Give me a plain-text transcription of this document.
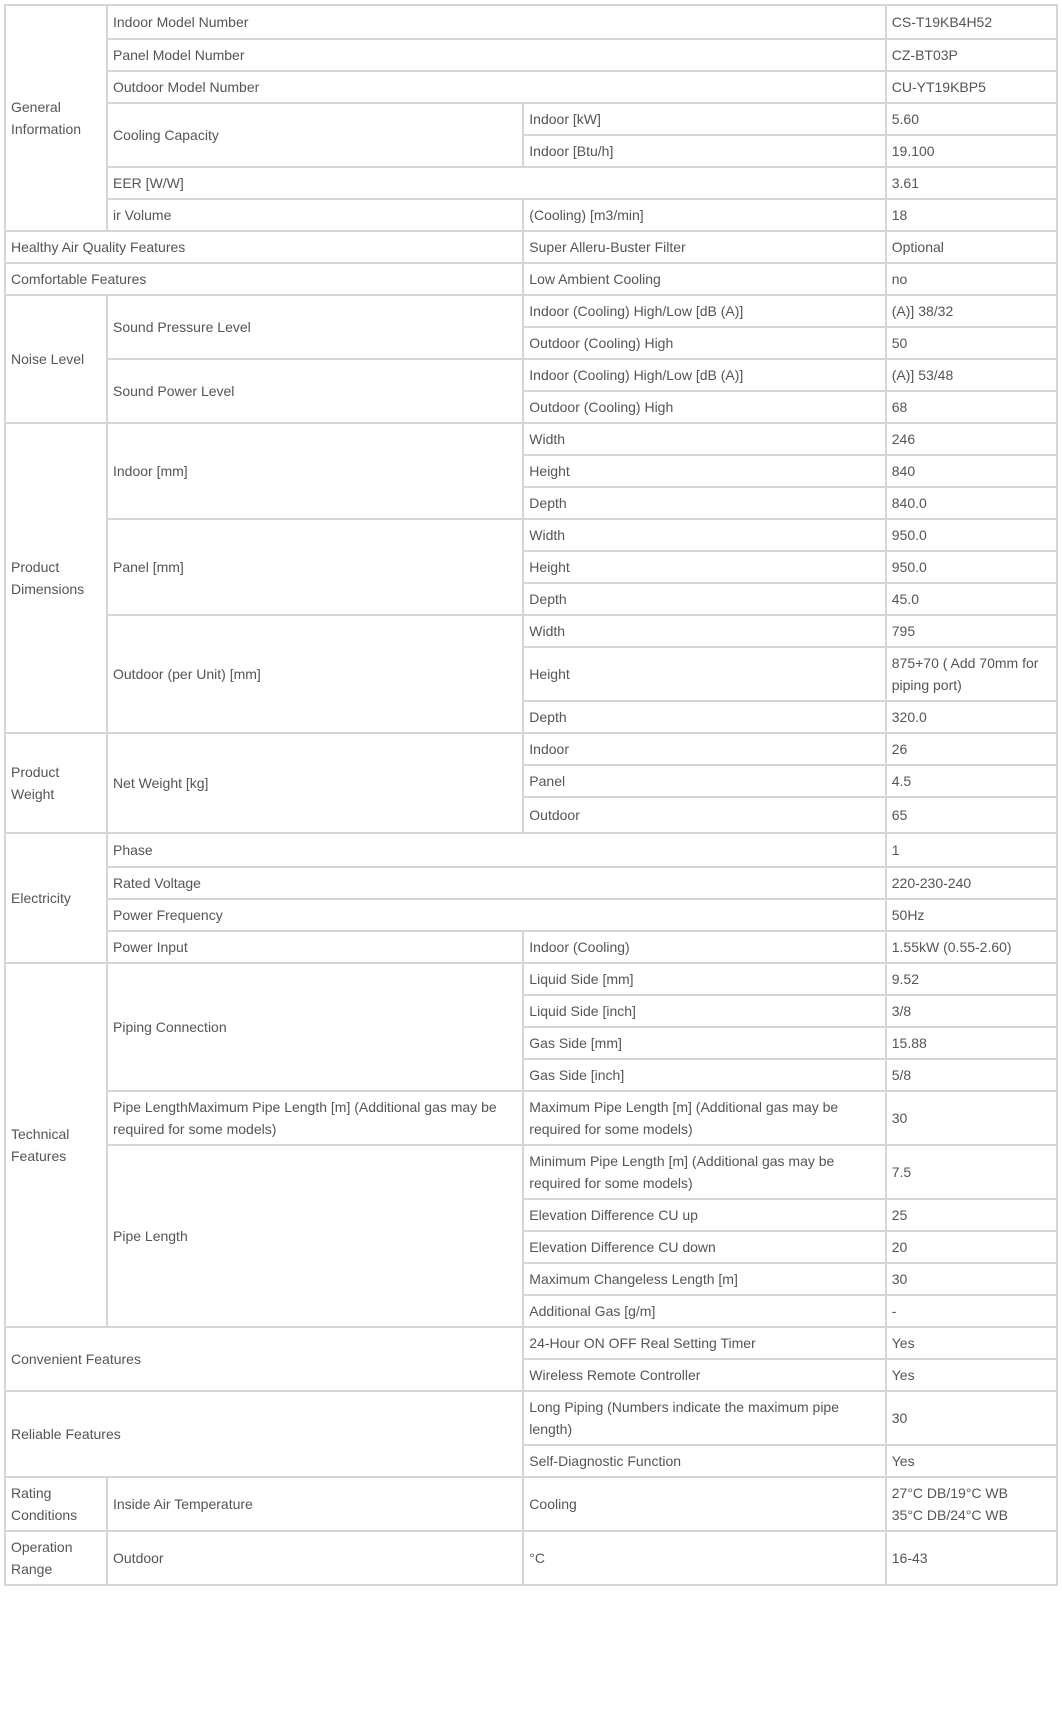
General Information	Indoor Model Number		CS-T19KB4H52
	Panel Model Number		CZ-BT03P
	Outdoor Model Number		CU-YT19KBP5
	Cooling Capacity	Indoor [kW]	5.60
		Indoor [Btu/h]	19.100
	EER [W/W]		3.61
	ir Volume	(Cooling) [m3/min]	18
Healthy Air Quality Features		Super Alleru-Buster Filter	Optional
Comfortable Features		Low Ambient Cooling	no
Noise Level	Sound Pressure Level	Indoor (Cooling) High/Low [dB (A)]	(A)] 38/32
		Outdoor (Cooling) High	50
	Sound Power Level	Indoor (Cooling) High/Low [dB (A)]	(A)] 53/48
		Outdoor (Cooling) High	68
Product Dimensions	Indoor [mm]	Width	246
		Height	840
		Depth	840.0
	Panel [mm]	Width	950.0
		Height	950.0
		Depth	45.0
	Outdoor (per Unit) [mm]	Width	795
		Height	875+70 ( Add 70mm for piping port)
		Depth	320.0
Product Weight	Net Weight [kg]	Indoor	26
		Panel	4.5
		Outdoor	65
Electricity	Phase		1
	Rated Voltage		220-230-240
	Power Frequency		50Hz
	Power Input	Indoor (Cooling)	1.55kW (0.55-2.60)
Technical Features	Piping Connection	Liquid Side [mm]	9.52
		Liquid Side [inch]	3/8
		Gas Side [mm]	15.88
		Gas Side [inch]	5/8
	Pipe LengthMaximum Pipe Length [m] (Additional gas may be required for some models)	Maximum Pipe Length [m] (Additional gas may be required for some models)	30
	Pipe Length	Minimum Pipe Length [m] (Additional gas may be required for some models)	7.5
		Elevation Difference CU up	25
		Elevation Difference CU down	20
		Maximum Changeless Length [m]	30
		Additional Gas [g/m]	-
Convenient Features		24-Hour ON OFF Real Setting Timer	Yes
		Wireless Remote Controller	Yes
Reliable Features		Long Piping (Numbers indicate the maximum pipe length)	30
		Self-Diagnostic Function	Yes
Rating Conditions	Inside Air Temperature	Cooling	27°C DB/19°C WB
35°C DB/24°C WB
Operation Range	Outdoor	°C	16-43
